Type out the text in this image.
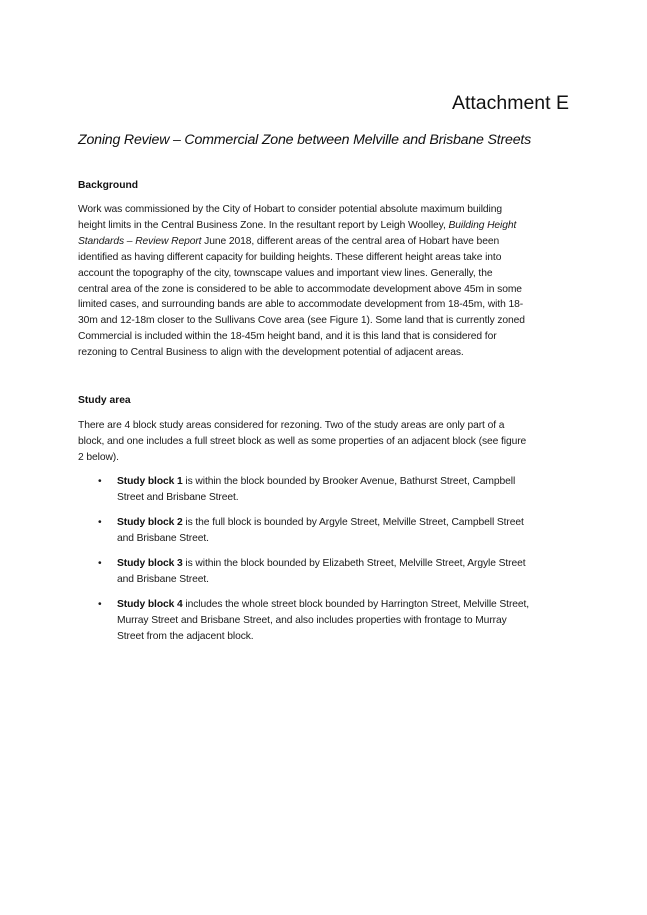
Attachment E
Zoning Review – Commercial Zone between Melville and Brisbane Streets
Background
Work was commissioned by the City of Hobart to consider potential absolute maximum building
height limits in the Central Business Zone. In the resultant report by Leigh Woolley, Building Height
Standards – Review Report June 2018, different areas of the central area of Hobart have been
identified as having different capacity for building heights. These different height areas take into
account the topography of the city, townscape values and important view lines. Generally, the
central area of the zone is considered to be able to accommodate development above 45m in some
limited cases, and surrounding bands are able to accommodate development from 18-45m, with 18-
30m and 12-18m closer to the Sullivans Cove area (see Figure 1). Some land that is currently zoned
Commercial is included within the 18-45m height band, and it is this land that is considered for
rezoning to Central Business to align with the development potential of adjacent areas.
Study area
There are 4 block study areas considered for rezoning. Two of the study areas are only part of a
block, and one includes a full street block as well as some properties of an adjacent block (see figure
2 below).
• Study block 1 is within the block bounded by Brooker Avenue, Bathurst Street, Campbell
Street and Brisbane Street.
• Study block 2 is the full block is bounded by Argyle Street, Melville Street, Campbell Street
and Brisbane Street.
• Study block 3 is within the block bounded by Elizabeth Street, Melville Street, Argyle Street
and Brisbane Street.
• Study block 4 includes the whole street block bounded by Harrington Street, Melville Street,
Murray Street and Brisbane Street, and also includes properties with frontage to Murray
Street from the adjacent block.
